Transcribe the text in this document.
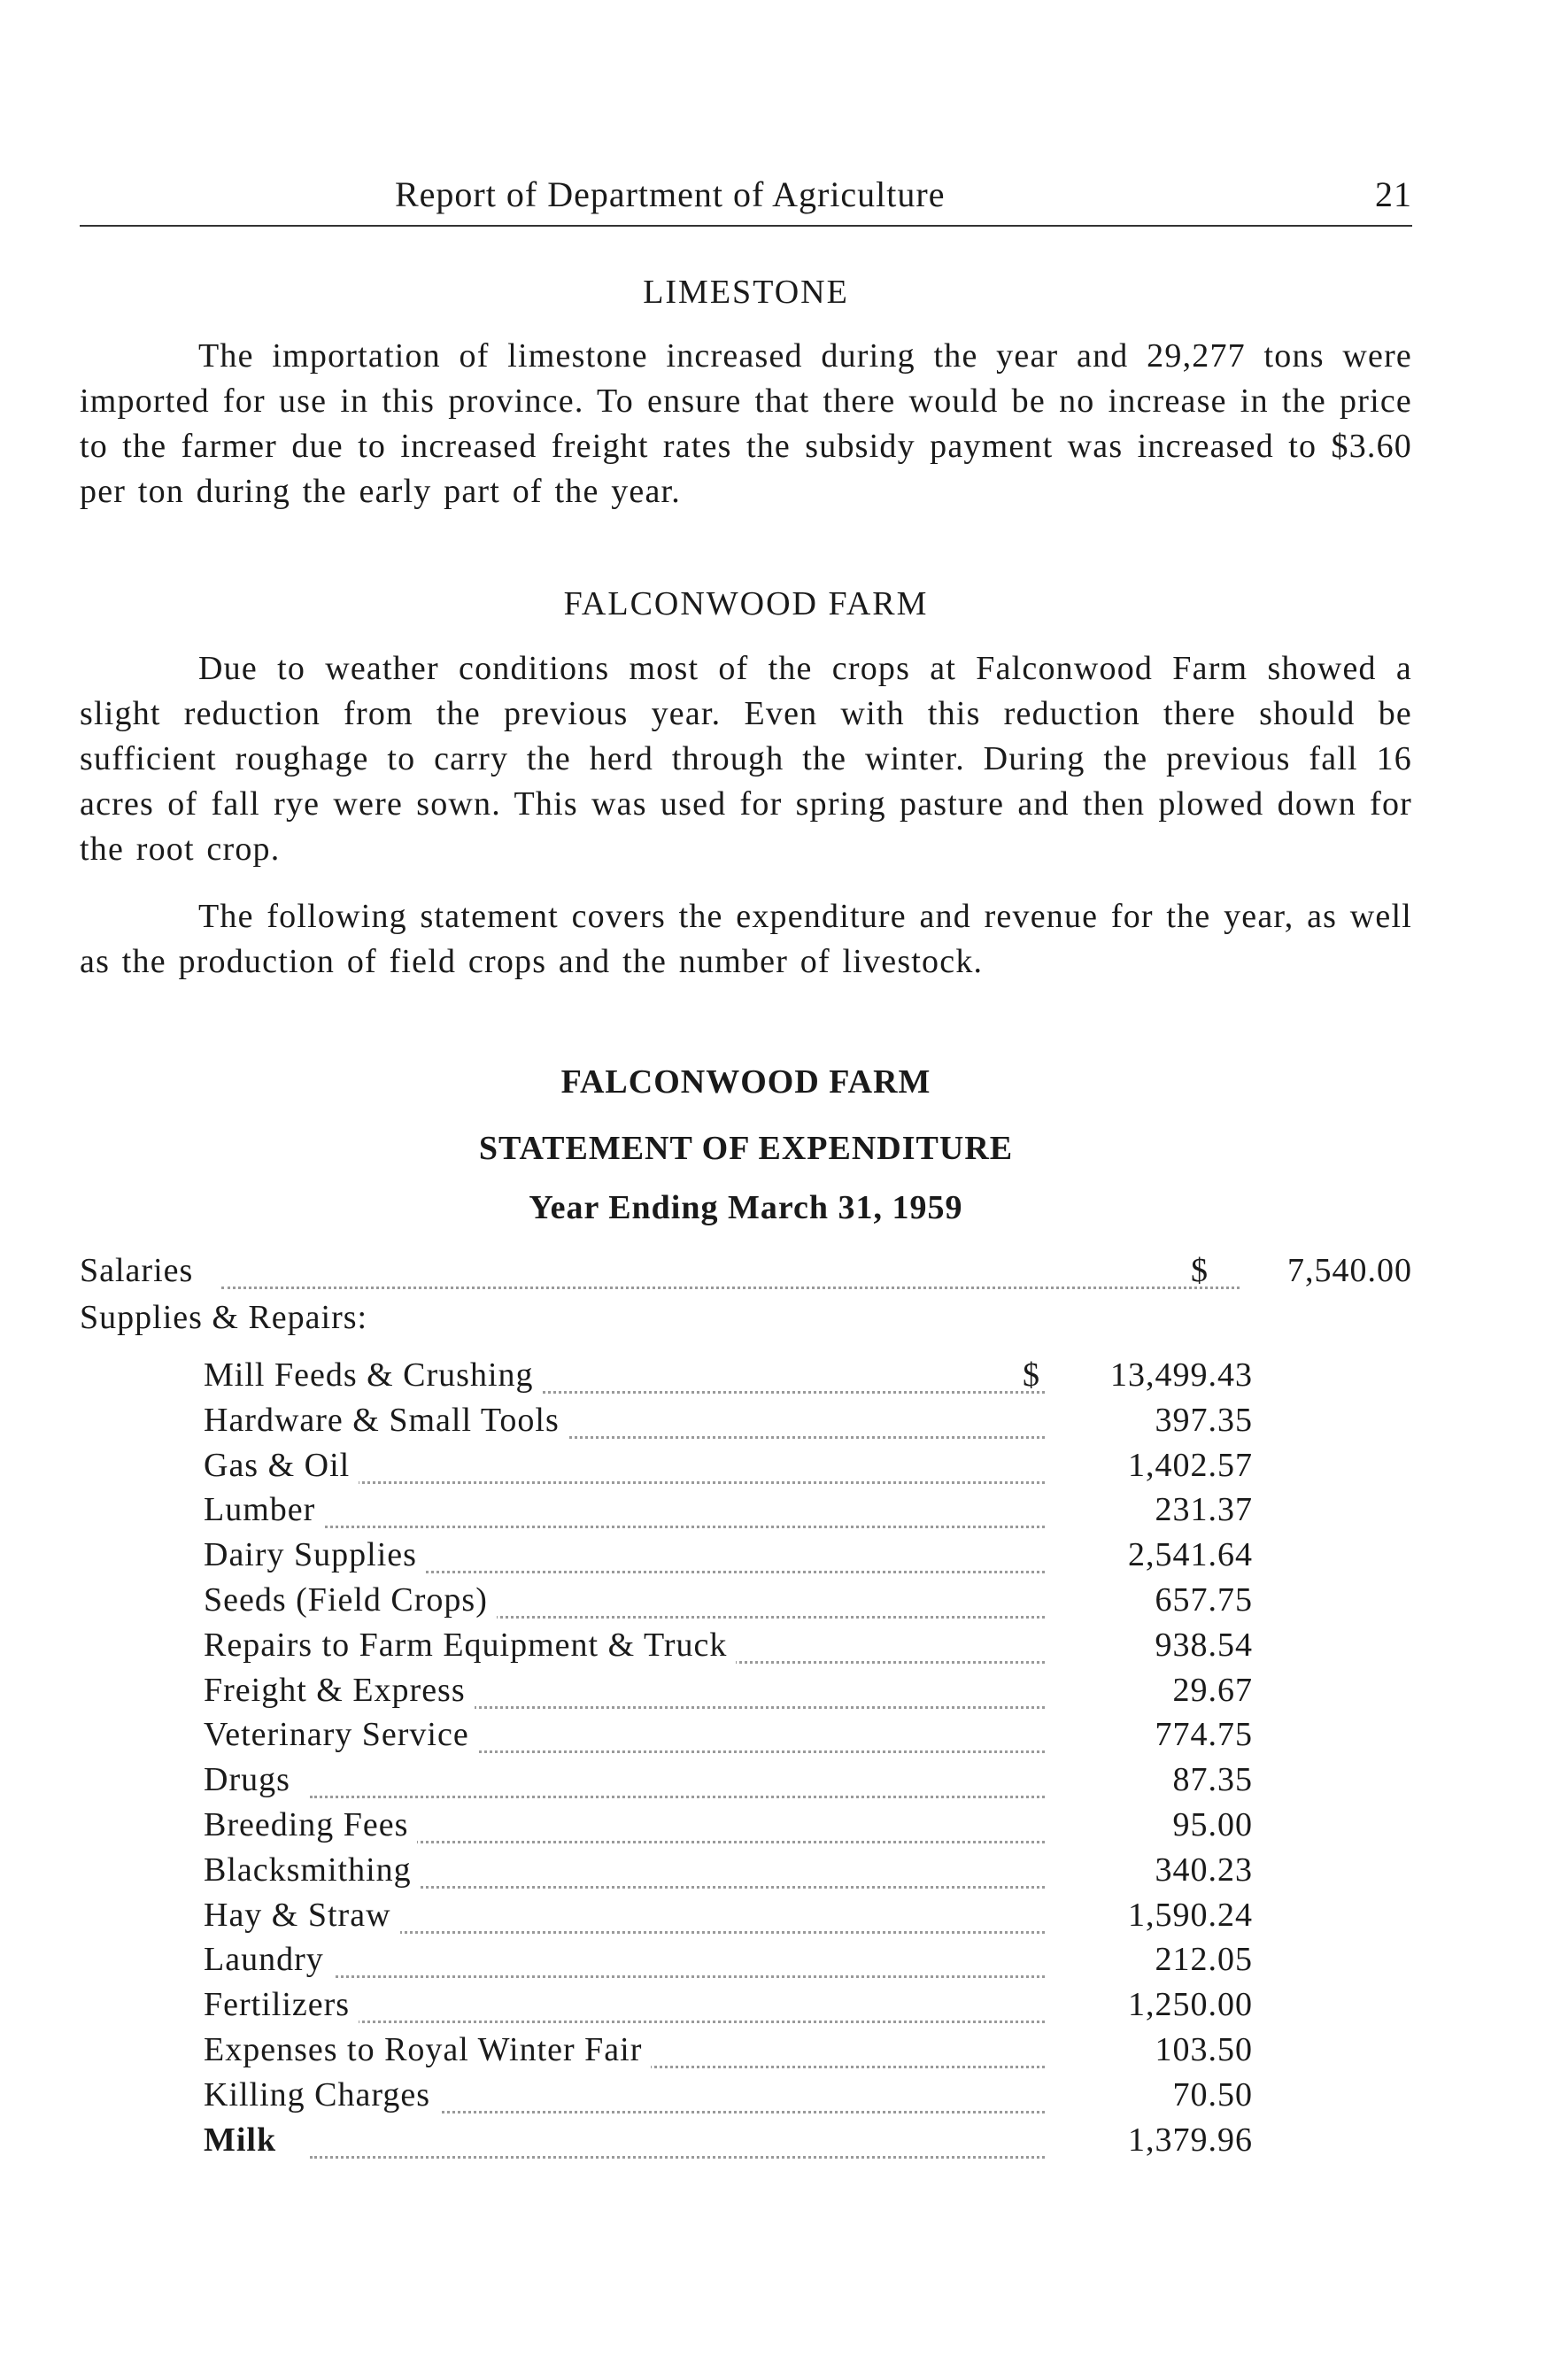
Report of Department of Agriculture	21
LIMESTONE

The importation of limestone increased during the year and 29,277 tons were imported for use in this province. To ensure that there would be no increase in the price to the farmer due to increased freight rates the subsidy payment was increased to $3.60 per ton during the early part of the year.

FALCONWOOD FARM

Due to weather conditions most of the crops at Falconwood Farm showed a slight reduction from the previous year. Even with this reduction there should be sufficient roughage to carry the herd through the winter. During the previous fall 16 acres of fall rye were sown. This was used for spring pasture and then plowed down for the root crop.

The following statement covers the expenditure and revenue for the year, as well as the production of field crops and the number of livestock.

FALCONWOOD FARM
STATEMENT OF EXPENDITURE
Year Ending March 31, 1959
Salaries	$	7,540.00
Supplies & Repairs:
Mill Feeds & Crushing	$	13,499.43
Hardware & Small Tools	397.35
Gas & Oil	1,402.57
Lumber	231.37
Dairy Supplies	2,541.64
Seeds (Field Crops)	657.75
Repairs to Farm Equipment & Truck	938.54
Freight & Express	29.67
Veterinary Service	774.75
Drugs	87.35
Breeding Fees	95.00
Blacksmithing	340.23
Hay & Straw	1,590.24
Laundry	212.05
Fertilizers	1,250.00
Expenses to Royal Winter Fair	103.50
Killing Charges	70.50
Milk	1,379.96
